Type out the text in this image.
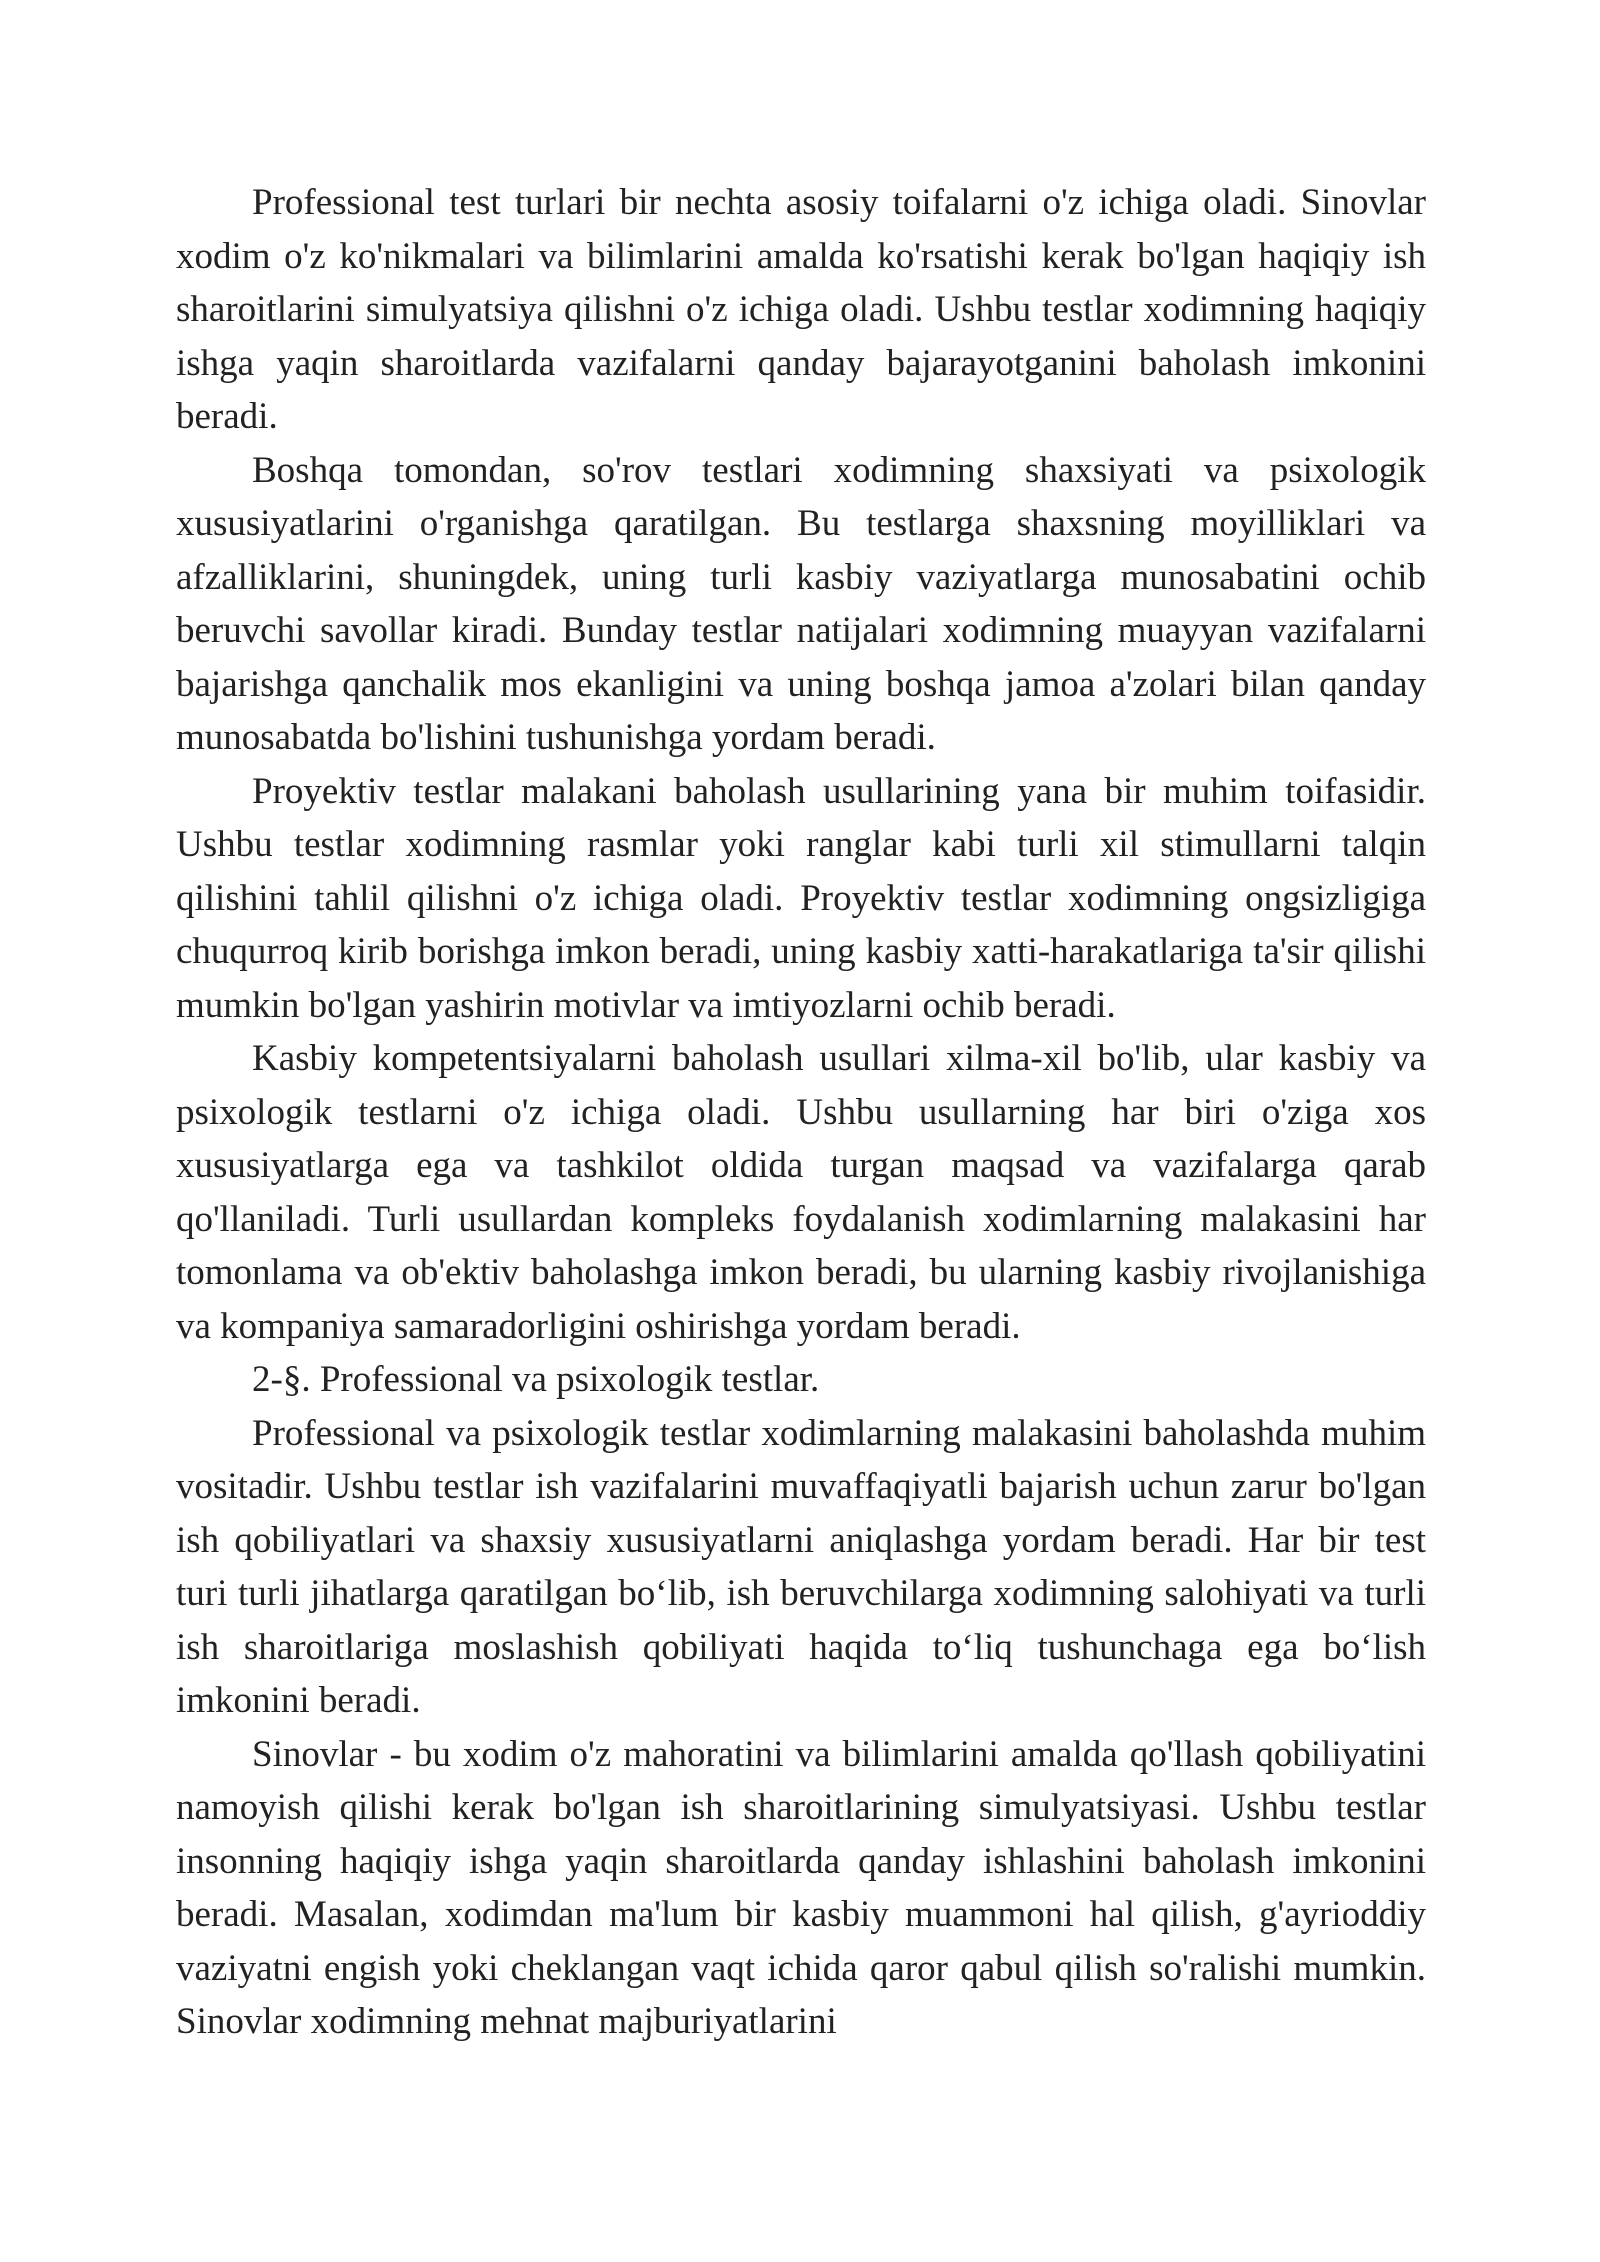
Professional test turlari bir nechta asosiy toifalarni o'z ichiga oladi. Sinovlar xodim o'z ko'nikmalari va bilimlarini amalda ko'rsatishi kerak bo'lgan haqiqiy ish sharoitlarini simulyatsiya qilishni o'z ichiga oladi. Ushbu testlar xodimning haqiqiy ishga yaqin sharoitlarda vazifalarni qanday bajarayotganini baholash imkonini beradi.

Boshqa tomondan, so'rov testlari xodimning shaxsiyati va psixologik xususiyatlarini o'rganishga qaratilgan. Bu testlarga shaxsning moyilliklari va afzalliklarini, shuningdek, uning turli kasbiy vaziyatlarga munosabatini ochib beruvchi savollar kiradi. Bunday testlar natijalari xodimning muayyan vazifalarni bajarishga qanchalik mos ekanligini va uning boshqa jamoa a'zolari bilan qanday munosabatda bo'lishini tushunishga yordam beradi.

Proyektiv testlar malakani baholash usullarining yana bir muhim toifasidir. Ushbu testlar xodimning rasmlar yoki ranglar kabi turli xil stimullarni talqin qilishini tahlil qilishni o'z ichiga oladi. Proyektiv testlar xodimning ongsizligiga chuqurroq kirib borishga imkon beradi, uning kasbiy xatti-harakatlariga ta'sir qilishi mumkin bo'lgan yashirin motivlar va imtiyozlarni ochib beradi.

Kasbiy kompetentsiyalarni baholash usullari xilma-xil bo'lib, ular kasbiy va psixologik testlarni o'z ichiga oladi. Ushbu usullarning har biri o'ziga xos xususiyatlarga ega va tashkilot oldida turgan maqsad va vazifalarga qarab qo'llaniladi. Turli usullardan kompleks foydalanish xodimlarning malakasini har tomonlama va ob'ektiv baholashga imkon beradi, bu ularning kasbiy rivojlanishiga va kompaniya samaradorligini oshirishga yordam beradi.

2-§. Professional va psixologik testlar.

Professional va psixologik testlar xodimlarning malakasini baholashda muhim vositadir. Ushbu testlar ish vazifalarini muvaffaqiyatli bajarish uchun zarur bo'lgan ish qobiliyatlari va shaxsiy xususiyatlarni aniqlashga yordam beradi. Har bir test turi turli jihatlarga qaratilgan bo‘lib, ish beruvchilarga xodimning salohiyati va turli ish sharoitlariga moslashish qobiliyati haqida to‘liq tushunchaga ega bo‘lish imkonini beradi.

Sinovlar - bu xodim o'z mahoratini va bilimlarini amalda qo'llash qobiliyatini namoyish qilishi kerak bo'lgan ish sharoitlarining simulyatsiyasi. Ushbu testlar insonning haqiqiy ishga yaqin sharoitlarda qanday ishlashini baholash imkonini beradi. Masalan, xodimdan ma'lum bir kasbiy muammoni hal qilish, g'ayrioddiy vaziyatni engish yoki cheklangan vaqt ichida qaror qabul qilish so'ralishi mumkin. Sinovlar xodimning mehnat majburiyatlarini
